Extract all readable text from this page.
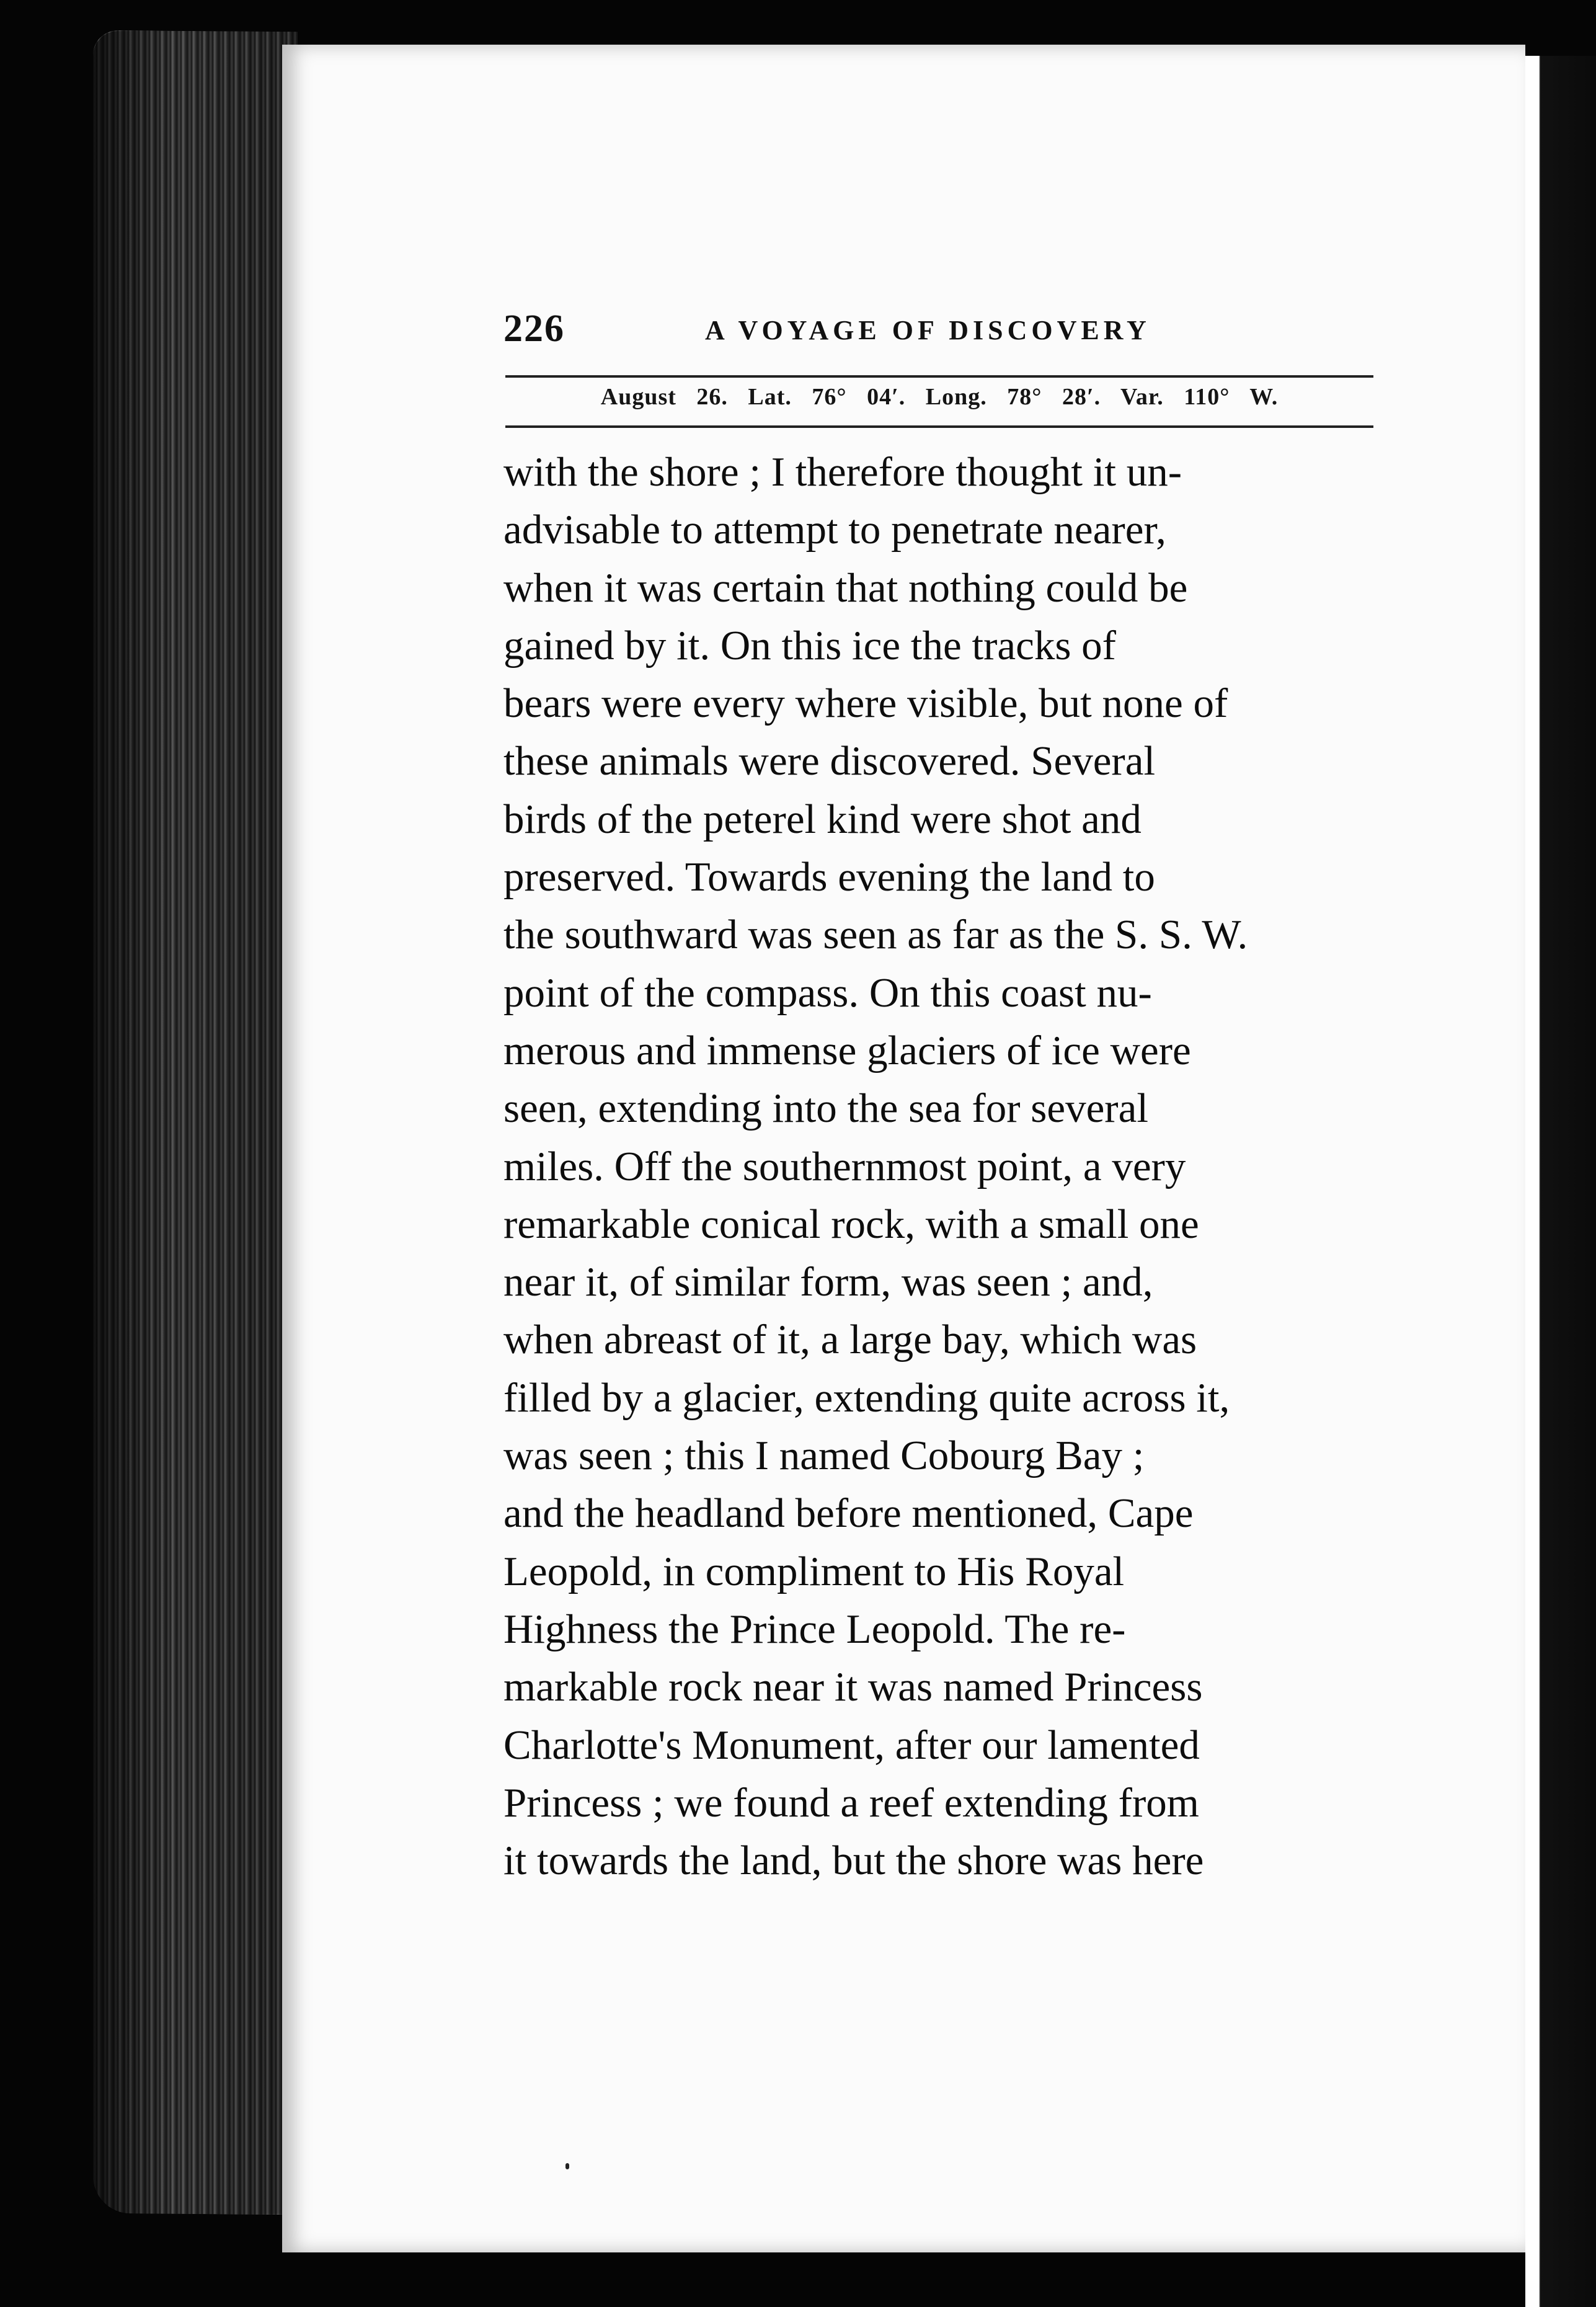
226	A VOYAGE OF DISCOVERY
August 26. Lat. 76° 04′. Long. 78° 28′. Var. 110° W.
with the shore ; I therefore thought it un-
advisable to attempt to penetrate nearer,
when it was certain that nothing could be
gained by it. On this ice the tracks of
bears were every where visible, but none of
these animals were discovered. Several
birds of the peterel kind were shot and
preserved. Towards evening the land to
the southward was seen as far as the S. S. W.
point of the compass. On this coast nu-
merous and immense glaciers of ice were
seen, extending into the sea for several
miles. Off the southernmost point, a very
remarkable conical rock, with a small one
near it, of similar form, was seen ; and,
when abreast of it, a large bay, which was
filled by a glacier, extending quite across it,
was seen ; this I named Cobourg Bay ;
and the headland before mentioned, Cape
Leopold, in compliment to His Royal
Highness the Prince Leopold. The re-
markable rock near it was named Princess
Charlotte's Monument, after our lamented
Princess ; we found a reef extending from
it towards the land, but the shore was here
